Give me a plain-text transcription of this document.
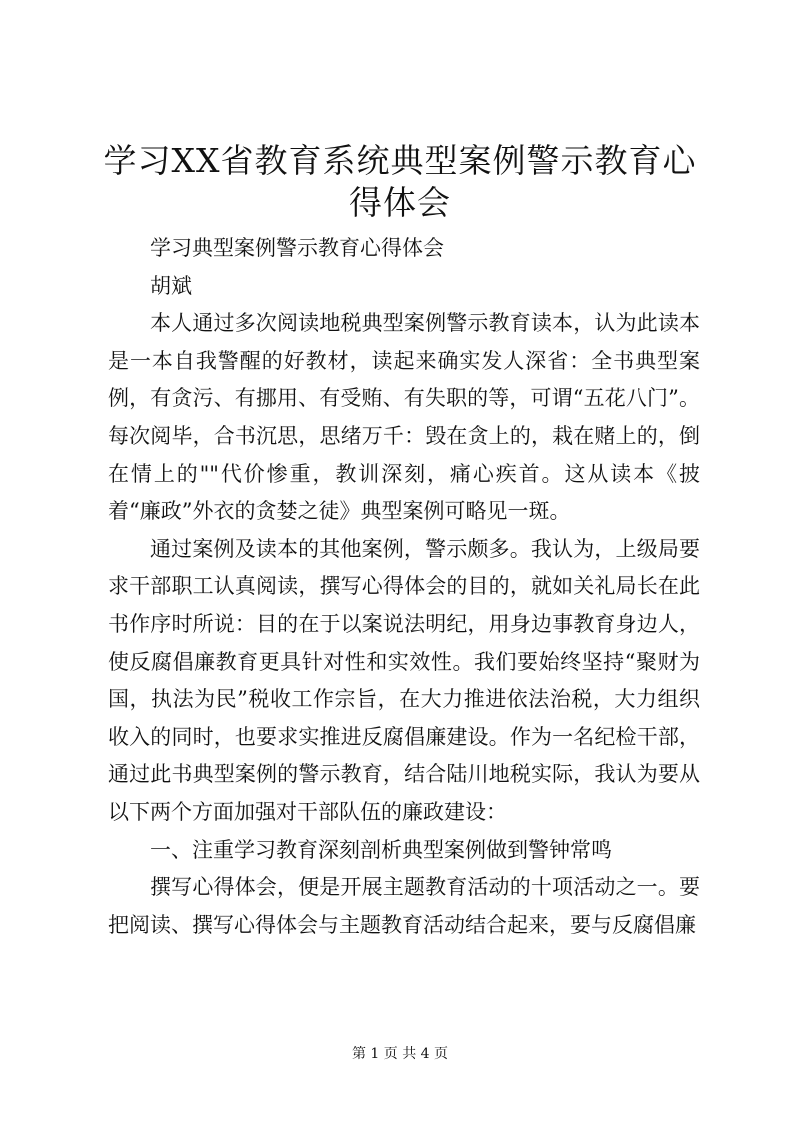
学习XX省教育系统典型案例警示教育心得体会

学习典型案例警示教育心得体会

胡斌

本人通过多次阅读地税典型案例警示教育读本，认为此读本是一本自我警醒的好教材，读起来确实发人深省：全书典型案例，有贪污、有挪用、有受贿、有失职的等，可谓“五花八门”。每次阅毕，合书沉思，思绪万千：毁在贪上的，栽在赌上的，倒在情上的""代价惨重，教训深刻，痛心疾首。这从读本《披着“廉政”外衣的贪婪之徒》典型案例可略见一斑。

通过案例及读本的其他案例，警示颇多。我认为，上级局要求干部职工认真阅读，撰写心得体会的目的，就如关礼局长在此书作序时所说：目的在于以案说法明纪，用身边事教育身边人，使反腐倡廉教育更具针对性和实效性。我们要始终坚持“聚财为国，执法为民”税收工作宗旨，在大力推进依法治税，大力组织收入的同时，也要求实推进反腐倡廉建设。作为一名纪检干部，通过此书典型案例的警示教育，结合陆川地税实际，我认为要从以下两个方面加强对干部队伍的廉政建设：

一、注重学习教育深刻剖析典型案例做到警钟常鸣

撰写心得体会，便是开展主题教育活动的十项活动之一。要把阅读、撰写心得体会与主题教育活动结合起来，要与反腐倡廉

第 1 页 共 4 页
